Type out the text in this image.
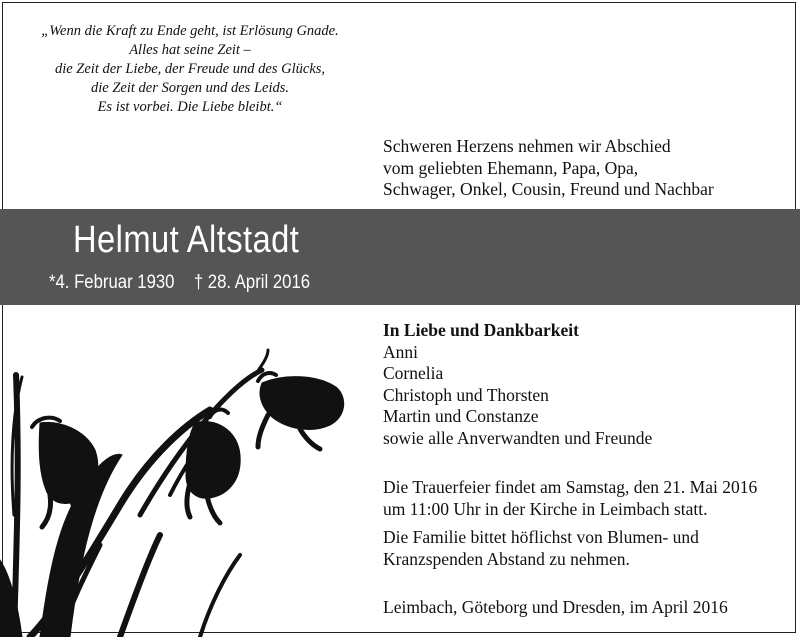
„Wenn die Kraft zu Ende geht, ist Erlösung Gnade.
Alles hat seine Zeit –
die Zeit der Liebe, der Freude und des Glücks,
die Zeit der Sorgen und des Leids.
Es ist vorbei. Die Liebe bleibt.“
Schweren Herzens nehmen wir Abschied
vom geliebten Ehemann, Papa, Opa,
Schwager, Onkel, Cousin, Freund und Nachbar
Helmut Altstadt
*4. Februar 1930 † 28. April 2016
In Liebe und Dankbarkeit
Anni
Cornelia
Christoph und Thorsten
Martin und Constanze
sowie alle Anverwandten und Freunde
Die Trauerfeier findet am Samstag, den 21. Mai 2016
um 11:00 Uhr in der Kirche in Leimbach statt.
Die Familie bittet höflichst von Blumen- und
Kranzspenden Abstand zu nehmen.
Leimbach, Göteborg und Dresden, im April 2016
